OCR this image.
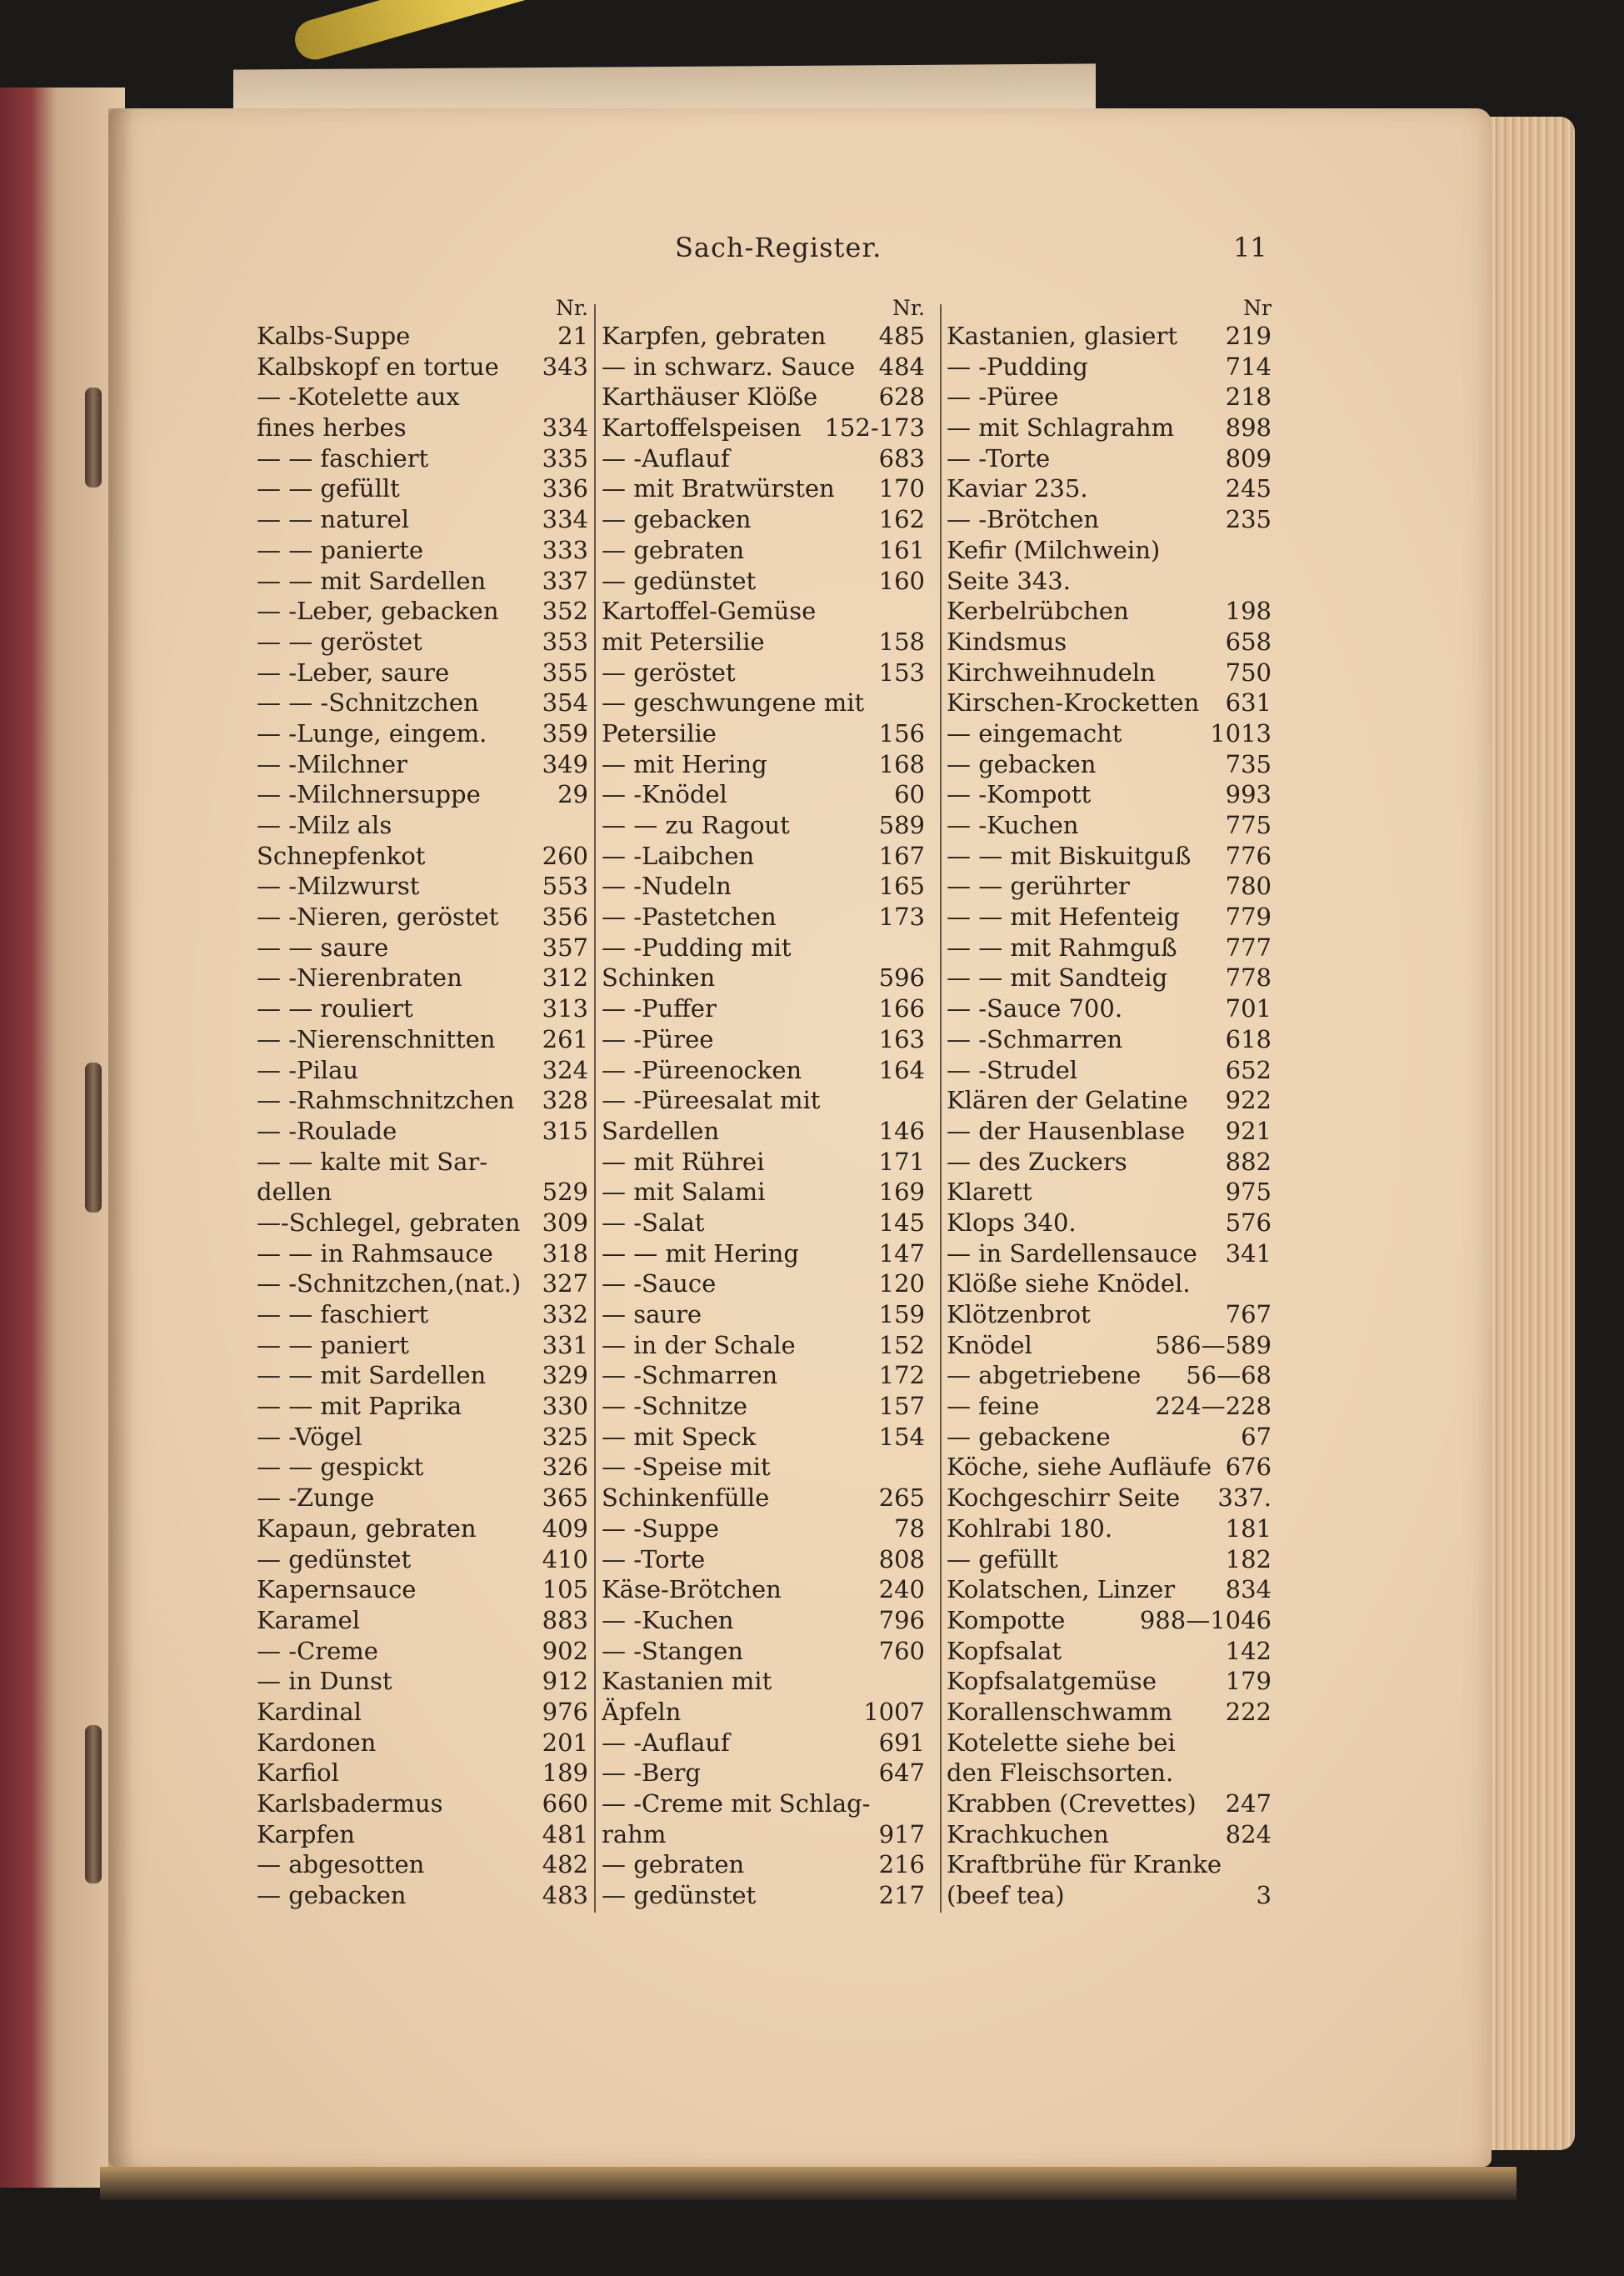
Sach-Register.	11
Nr.
Kalbs-Suppe	21
Kalbskopf en tortue	343
— -Kotelette aux
fines herbes	334
— — faschiert	335
— — gefüllt	336
— — naturel	334
— — panierte	333
— — mit Sardellen	337
— -Leber, gebacken	352
— — geröstet	353
— -Leber, saure	355
— — -Schnitzchen	354
— -Lunge, eingem.	359
— -Milchner	349
— -Milchnersuppe	29
— -Milz als
Schnepfenkot	260
— -Milzwurst	553
— -Nieren, geröstet	356
— — saure	357
— -Nierenbraten	312
— — rouliert	313
— -Nierenschnitten	261
— -Pilau	324
— -Rahmschnitzchen	328
— -Roulade	315
— — kalte mit Sar-
dellen	529
—-Schlegel, gebraten 309
— — in Rahmsauce	318
— -Schnitzchen,(nat.) 327
— — faschiert	332
— — paniert	331
— — mit Sardellen	329
— — mit Paprika	330
— -Vögel	325
— — gespickt	326
— -Zunge	365
Kapaun, gebraten	409
— gedünstet	410
Kapernsauce	105
Karamel	883
— -Creme	902
— in Dunst	912
Kardinal	976
Kardonen	201
Karfiol	189
Karlsbadermus	660
Karpfen	481
— abgesotten	482
— gebacken	483
Nr.
Karpfen, gebraten	485
— in schwarz. Sauce 484
Karthäuser Klöße	628
Kartoffelspeisen 152-173
— -Auflauf	683
— mit Bratwürsten	170
— gebacken	162
— gebraten	161
— gedünstet	160
Kartoffel-Gemüse
mit Petersilie	158
— geröstet	153
— geschwungene mit
Petersilie	156
— mit Hering	168
— -Knödel	60
— — zu Ragout	589
— -Laibchen	167
— -Nudeln	165
— -Pastetchen	173
— -Pudding mit
Schinken	596
— -Puffer	166
— -Püree	163
— -Püreenocken	164
— -Püreesalat mit
Sardellen	146
— mit Rührei	171
— mit Salami	169
— -Salat	145
— — mit Hering	147
— -Sauce	120
— saure	159
— in der Schale	152
— -Schmarren	172
— -Schnitze	157
— mit Speck	154
— -Speise mit
Schinkenfülle	265
— -Suppe	78
— -Torte	808
Käse-Brötchen	240
— -Kuchen	796
— -Stangen	760
Kastanien mit
Äpfeln	1007
— -Auflauf	691
— -Berg	647
— -Creme mit Schlag-
rahm	917
— gebraten	216
— gedünstet	217
Nr
Kastanien, glasiert	219
— -Pudding	714
— -Püree	218
— mit Schlagrahm	898
— -Torte	809
Kaviar 235.	245
— -Brötchen	235
Kefir (Milchwein)
Seite 343.
Kerbelrübchen	198
Kindsmus	658
Kirchweihnudeln	750
Kirschen-Krocketten	631
— eingemacht	1013
— gebacken	735
— -Kompott	993
— -Kuchen	775
— — mit Biskuitguß	776
— — gerührter	780
— — mit Hefenteig	779
— — mit Rahmguß	777
— — mit Sandteig	778
— -Sauce 700.	701
— -Schmarren	618
— -Strudel	652
Klären der Gelatine	922
— der Hausenblase	921
— des Zuckers	882
Klarett	975
Klops 340.	576
— in Sardellensauce	341
Klöße siehe Knödel.
Klötzenbrot	767
Knödel	586—589
— abgetriebene	56—68
— feine	224—228
— gebackene	67
Köche, siehe Aufläufe 676
Kochgeschirr Seite	337.
Kohlrabi 180.	181
— gefüllt	182
Kolatschen, Linzer	834
Kompotte	988—1046
Kopfsalat	142
Kopfsalatgemüse	179
Korallenschwamm	222
Kotelette siehe bei
den Fleischsorten.
Krabben (Crevettes)	247
Krachkuchen	824
Kraftbrühe für Kranke
(beef tea)	3
